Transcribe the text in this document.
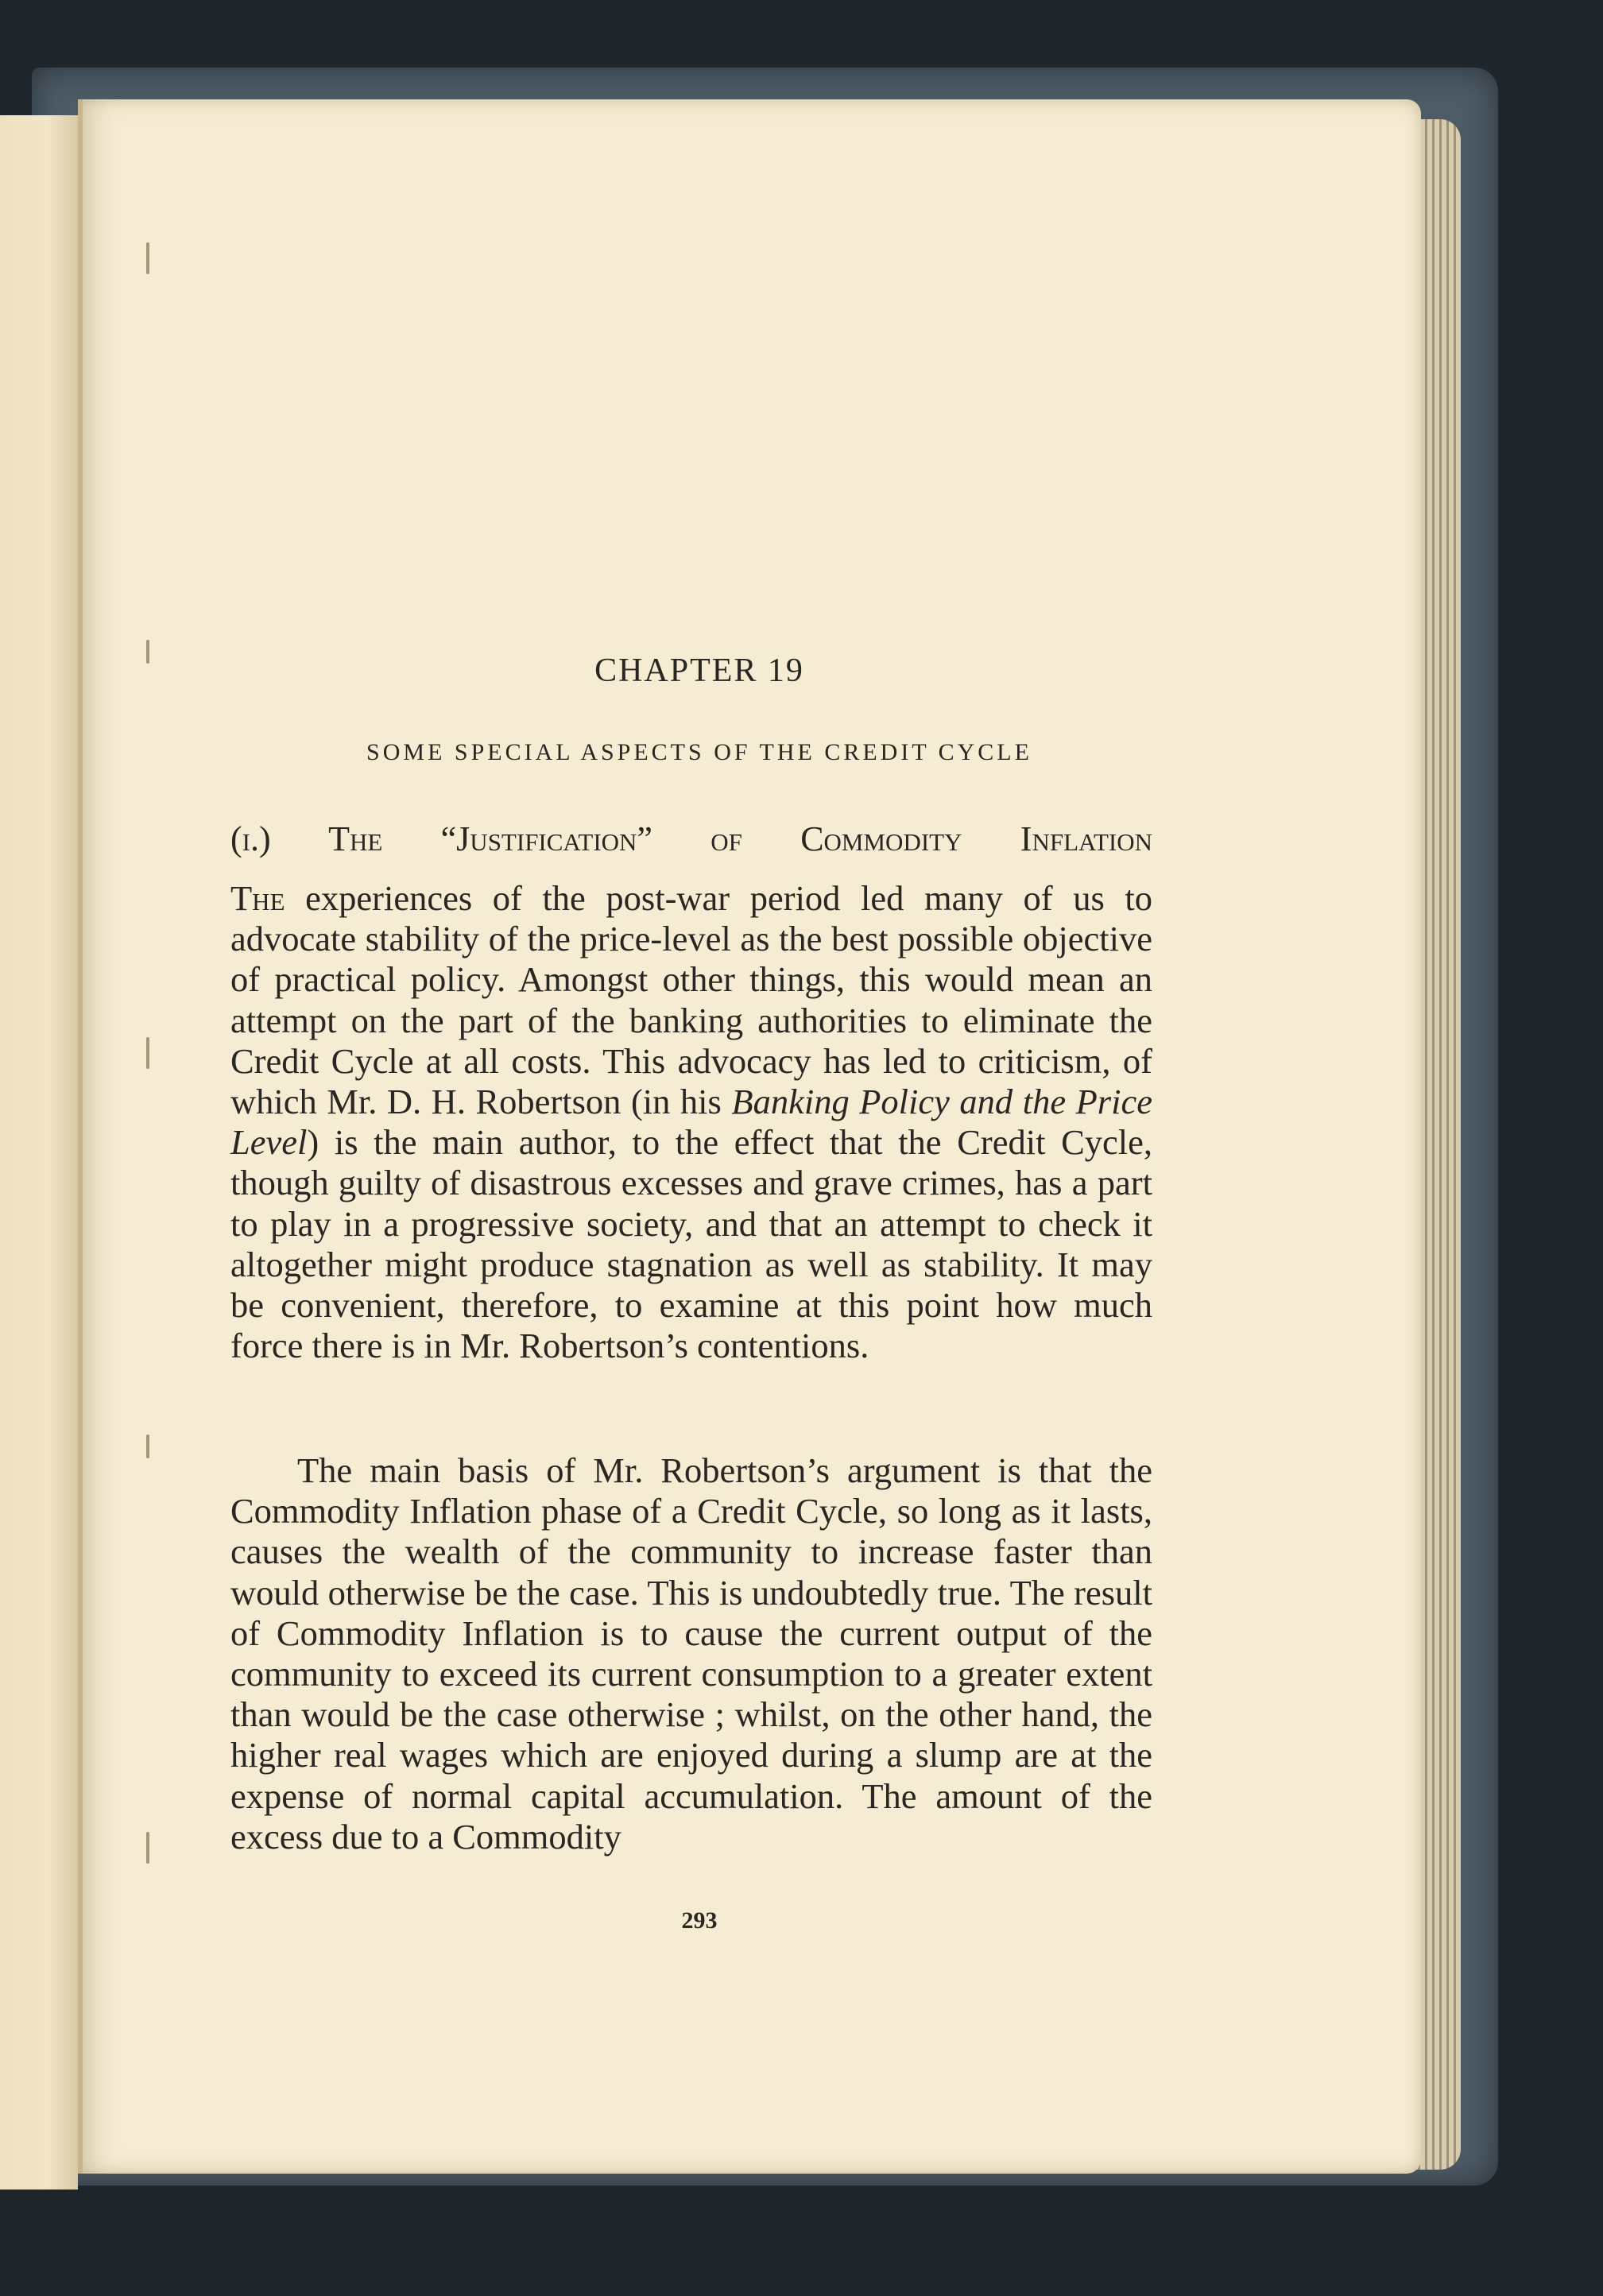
CHAPTER 19
SOME SPECIAL ASPECTS OF THE CREDIT CYCLE
(i.) The “Justification” of Commodity Inflation

The experiences of the post-war period led many of us to advocate stability of the price-level as the best possible objective of practical policy. Amongst other things, this would mean an attempt on the part of the banking authorities to eliminate the Credit Cycle at all costs. This advocacy has led to criticism, of which Mr. D. H. Robertson (in his Banking Policy and the Price Level) is the main author, to the effect that the Credit Cycle, though guilty of disastrous excesses and grave crimes, has a part to play in a progressive society, and that an attempt to check it altogether might produce stagnation as well as stability. It may be convenient, therefore, to examine at this point how much force there is in Mr. Robertson’s contentions.

The main basis of Mr. Robertson’s argument is that the Commodity Inflation phase of a Credit Cycle, so long as it lasts, causes the wealth of the community to increase faster than would otherwise be the case. This is undoubtedly true. The result of Commodity Inflation is to cause the current output of the community to exceed its current consumption to a greater extent than would be the case otherwise ; whilst, on the other hand, the higher real wages which are enjoyed during a slump are at the expense of normal capital accumulation. The amount of the excess due to a Commodity

293
